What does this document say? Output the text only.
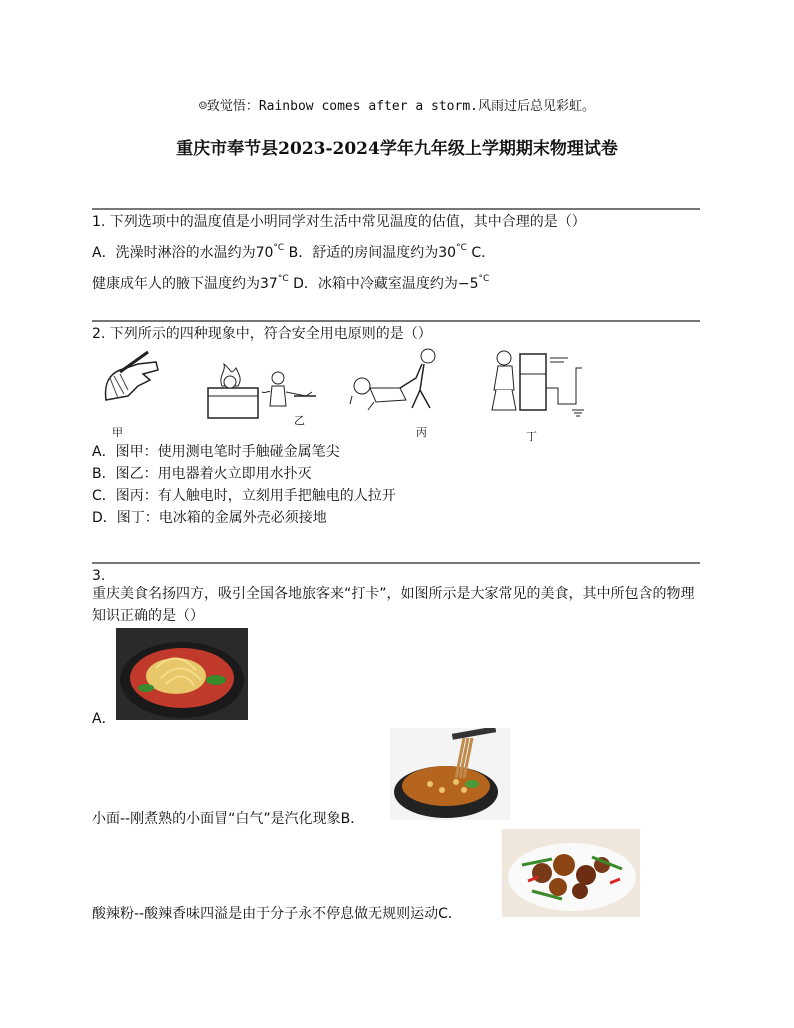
☺致觉悟：Rainbow comes after a storm.风雨过后总见彩虹。
重庆市奉节县2023-2024学年九年级上学期期末物理试卷
1. 下列选项中的温度值是小明同学对生活中常见温度的估值，其中合理的是（）
A．洗澡时淋浴的水温约为$70^{^\circ C}$ B．舒适的房间温度约为$30^{^\circ C}$ C．
健康成年人的腋下温度约为$37^{^\circ C}$ D．冰箱中冷藏室温度约为$-5^{^\circ C}$
2. 下列所示的四种现象中，符合安全用电原则的是（）
甲
乙
丙	丁
A．图甲：使用测电笔时手触碰金属笔尖
B．图乙：用电器着火立即用水扑灭
C．图丙：有人触电时，立刻用手把触电的人拉开
D．图丁：电冰箱的金属外壳必须接地
3.
重庆美食名扬四方，吸引全国各地旅客来“打卡”，如图所示是大家常见的美食，其中所包含的物理知识正确的是（）
A．
小面--刚煮熟的小面冒“白气”是汽化现象B．
酸辣粉--酸辣香味四溢是由于分子永不停息做无规则运动C．
